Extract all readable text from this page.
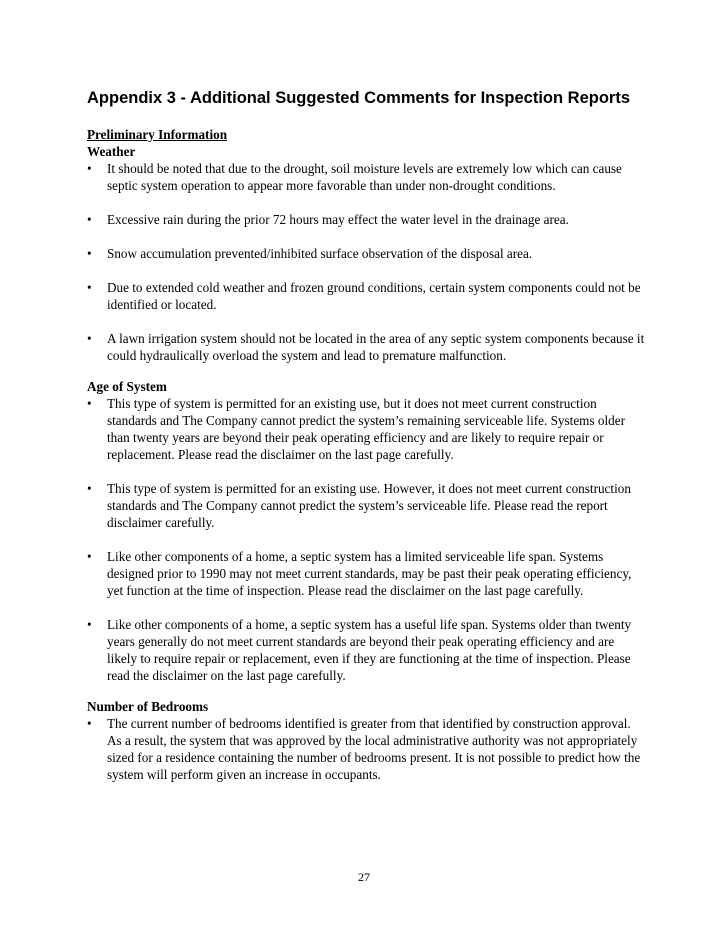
Appendix 3 - Additional Suggested Comments for Inspection Reports
Preliminary Information
Weather
•	It should be noted that due to the drought, soil moisture levels are extremely low which can cause septic system operation to appear more favorable than under non-drought conditions.
•	Excessive rain during the prior 72 hours may effect the water level in the drainage area.
•	Snow accumulation prevented/inhibited surface observation of the disposal area.
•	Due to extended cold weather and frozen ground conditions, certain system components could not be identified or located.
•	A lawn irrigation system should not be located in the area of any septic system components because it could hydraulically overload the system and lead to premature malfunction.
Age of System
•	This type of system is permitted for an existing use, but it does not meet current construction standards and The Company cannot predict the system’s remaining serviceable life. Systems older than twenty years are beyond their peak operating efficiency and are likely to require repair or replacement. Please read the disclaimer on the last page carefully.
•	This type of system is permitted for an existing use. However, it does not meet current construction standards and The Company cannot predict the system’s serviceable life. Please read the report disclaimer carefully.
•	Like other components of a home, a septic system has a limited serviceable life span. Systems designed prior to 1990 may not meet current standards, may be past their peak operating efficiency, yet function at the time of inspection. Please read the disclaimer on the last page carefully.
•	Like other components of a home, a septic system has a useful life span. Systems older than twenty years generally do not meet current standards are beyond their peak operating efficiency and are likely to require repair or replacement, even if they are functioning at the time of inspection. Please read the disclaimer on the last page carefully.
Number of Bedrooms
•	The current number of bedrooms identified is greater from that identified by construction approval. As a result, the system that was approved by the local administrative authority was not appropriately sized for a residence containing the number of bedrooms present. It is not possible to predict how the system will perform given an increase in occupants.
27
